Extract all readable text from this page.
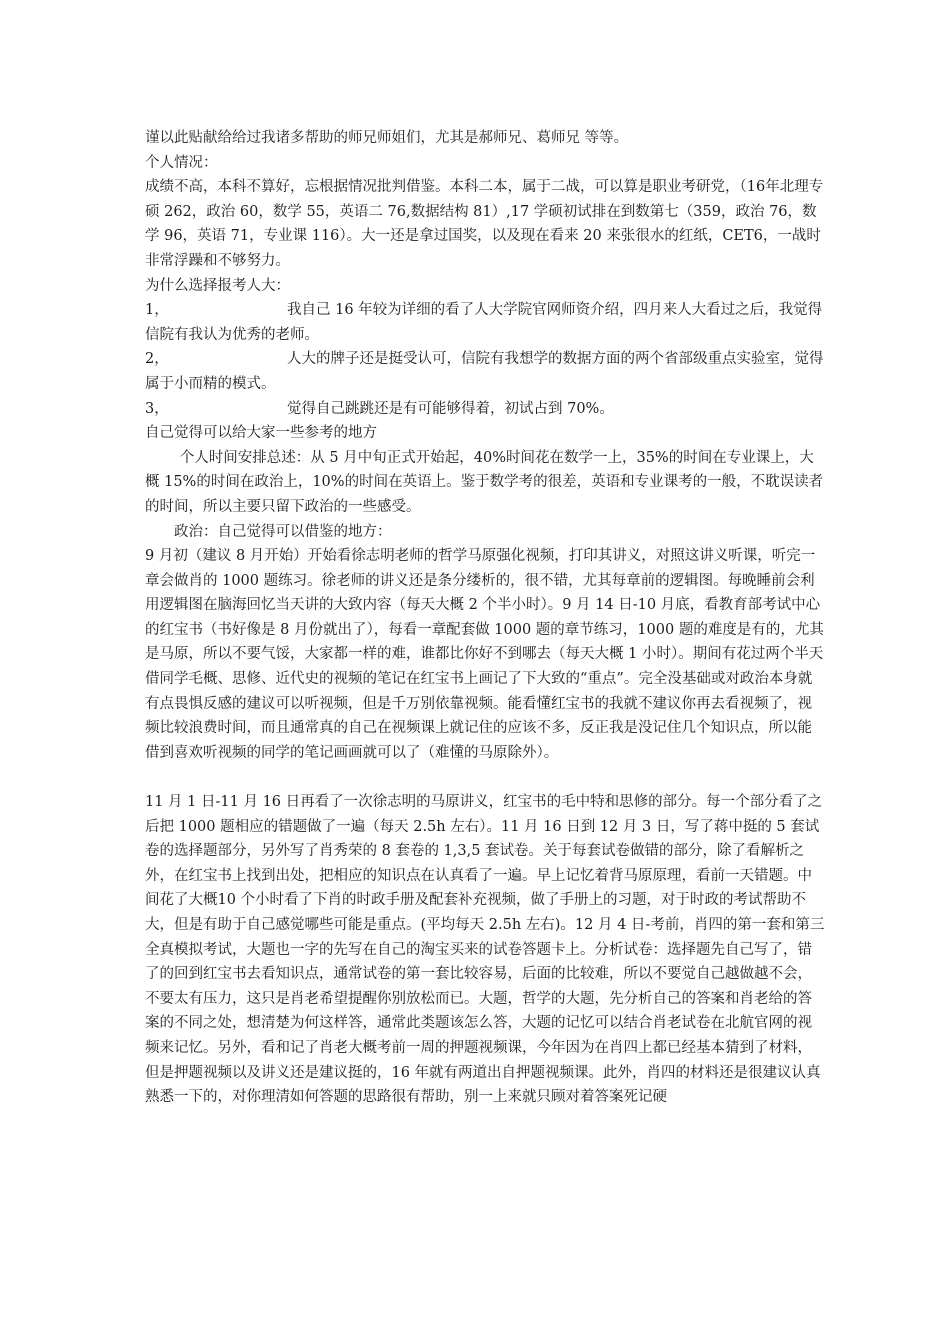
谨以此贴献给给过我诸多帮助的师兄师姐们，尤其是郝师兄、葛师兄 等等。

个人情况：

成绩不高，本科不算好，忘根据情况批判借鉴。本科二本，属于二战，可以算是职业考研党，（16年北理专硕 262，政治 60，数学 55，英语二 76,数据结构 81）,17 学硕初试排在到数第七（359，政治 76，数学 96，英语 71，专业课 116）。大一还是拿过国奖，以及现在看来 20 来张很水的红纸，CET6，一战时非常浮躁和不够努力。

为什么选择报考人大：

1，	我自己 16 年较为详细的看了人大学院官网师资介绍，四月来人大看过之后，我觉得信院有我认为优秀的老师。

2，	人大的牌子还是挺受认可，信院有我想学的数据方面的两个省部级重点实验室，觉得属于小而精的模式。

3，	觉得自己跳跳还是有可能够得着，初试占到 70%。

自己觉得可以给大家一些参考的地方

个人时间安排总述：从 5 月中旬正式开始起，40%时间花在数学一上，35%的时间在专业课上，大概 15%的时间在政治上，10%的时间在英语上。鉴于数学考的很差，英语和专业课考的一般，不耽误读者的时间，所以主要只留下政治的一些感受。

政治：自己觉得可以借鉴的地方：

9 月初（建议 8 月开始）开始看徐志明老师的哲学马原强化视频，打印其讲义，对照这讲义听课，听完一章会做肖的 1000 题练习。徐老师的讲义还是条分缕析的，很不错，尤其每章前的逻辑图。每晚睡前会利用逻辑图在脑海回忆当天讲的大致内容（每天大概 2 个半小时）。9 月 14 日-10 月底，看教育部考试中心的红宝书（书好像是 8 月份就出了），每看一章配套做 1000 题的章节练习，1000 题的难度是有的，尤其是马原，所以不要气馁，大家都一样的难，谁都比你好不到哪去（每天大概 1 小时）。期间有花过两个半天借同学毛概、思修、近代史的视频的笔记在红宝书上画记了下大致的“重点”。完全没基础或对政治本身就有点畏惧反感的建议可以听视频，但是千万别依靠视频。能看懂红宝书的我就不建议你再去看视频了，视频比较浪费时间，而且通常真的自己在视频课上就记住的应该不多，反正我是没记住几个知识点，所以能借到喜欢听视频的同学的笔记画画就可以了（难懂的马原除外）。

11 月 1 日-11 月 16 日再看了一次徐志明的马原讲义，红宝书的毛中特和思修的部分。每一个部分看了之后把 1000 题相应的错题做了一遍（每天 2.5h 左右）。11 月 16 日到 12 月 3 日，写了蒋中挺的 5 套试卷的选择题部分，另外写了肖秀荣的 8 套卷的 1,3,5 套试卷。关于每套试卷做错的部分，除了看解析之外，在红宝书上找到出处，把相应的知识点在认真看了一遍。早上记忆着背马原原理，看前一天错题。中间花了大概10 个小时看了下肖的时政手册及配套补充视频，做了手册上的习题，对于时政的考试帮助不大，但是有助于自己感觉哪些可能是重点。(平均每天 2.5h 左右)。12 月 4 日-考前，肖四的第一套和第三全真模拟考试，大题也一字的先写在自己的淘宝买来的试卷答题卡上。分析试卷：选择题先自己写了，错了的回到红宝书去看知识点，通常试卷的第一套比较容易，后面的比较难，所以不要觉自己越做越不会，不要太有压力，这只是肖老希望提醒你别放松而已。大题，哲学的大题，先分析自己的答案和肖老给的答案的不同之处，想清楚为何这样答，通常此类题该怎么答，大题的记忆可以结合肖老试卷在北航官网的视频来记忆。另外，看和记了肖老大概考前一周的押题视频课，今年因为在肖四上都已经基本猜到了材料，但是押题视频以及讲义还是建议挺的，16 年就有两道出自押题视频课。此外，肖四的材料还是很建议认真熟悉一下的，对你理清如何答题的思路很有帮助，别一上来就只顾对着答案死记硬
